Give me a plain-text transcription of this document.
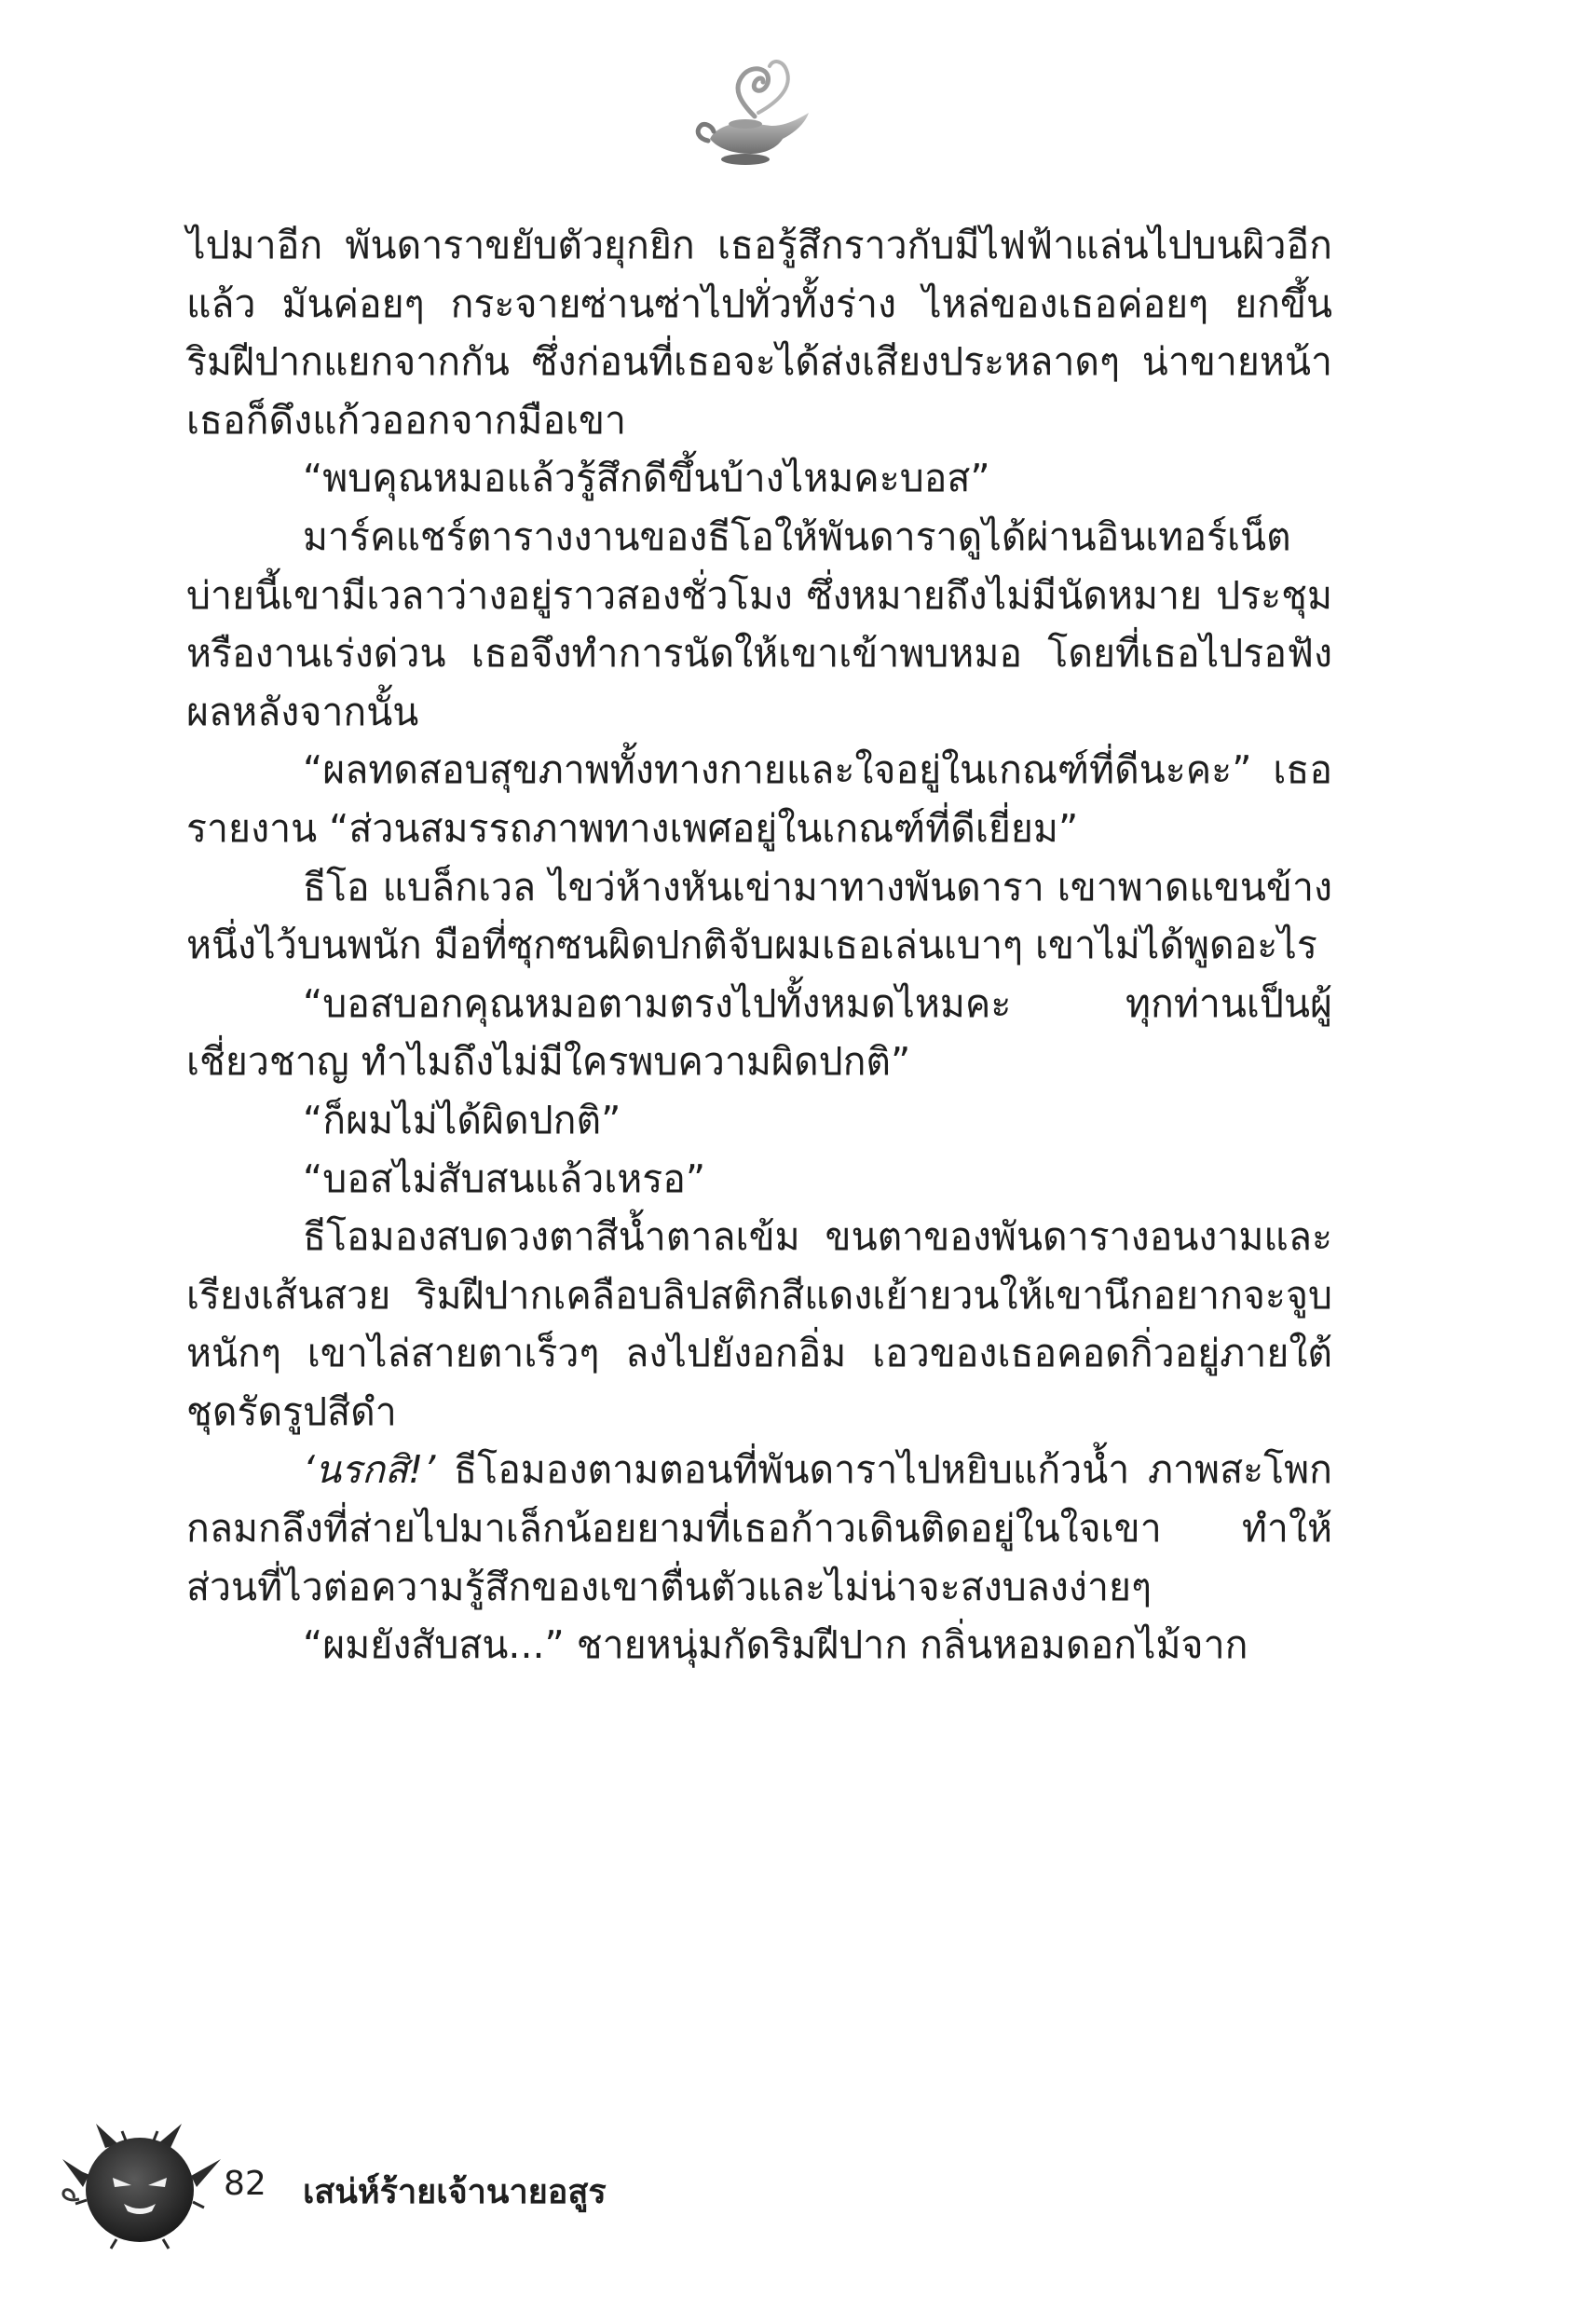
ไปมาอีก พันดาราขยับตัวยุกยิก เธอรู้สึกราวกับมีไฟฟ้าแล่นไปบนผิวอีกแล้ว มันค่อยๆ กระจายซ่านซ่าไปทั่วทั้งร่าง ไหล่ของเธอค่อยๆ ยกขึ้น ริมฝีปากแยกจากกัน ซึ่งก่อนที่เธอจะได้ส่งเสียงประหลาดๆ น่าขายหน้า เธอก็ดึงแก้วออกจากมือเขา

“พบคุณหมอแล้วรู้สึกดีขึ้นบ้างไหมคะบอส”

มาร์คแชร์ตารางงานของธีโอให้พันดาราดูได้ผ่านอินเทอร์เน็ต บ่ายนี้เขามีเวลาว่างอยู่ราวสองชั่วโมง ซึ่งหมายถึงไม่มีนัดหมาย ประชุม หรืองานเร่งด่วน เธอจึงทำการนัดให้เขาเข้าพบหมอ โดยที่เธอไปรอฟังผลหลังจากนั้น

“ผลทดสอบสุขภาพทั้งทางกายและใจอยู่ในเกณฑ์ที่ดีนะคะ” เธอรายงาน “ส่วนสมรรถภาพทางเพศอยู่ในเกณฑ์ที่ดีเยี่ยม”

ธีโอ แบล็กเวล ไขว่ห้างหันเข่ามาทางพันดารา เขาพาดแขนข้างหนึ่งไว้บนพนัก มือที่ซุกซนผิดปกติจับผมเธอเล่นเบาๆ เขาไม่ได้พูดอะไร

“บอสบอกคุณหมอตามตรงไปทั้งหมดไหมคะ ทุกท่านเป็นผู้เชี่ยวชาญ ทำไมถึงไม่มีใครพบความผิดปกติ”

“ก็ผมไม่ได้ผิดปกติ”

“บอสไม่สับสนแล้วเหรอ”

ธีโอมองสบดวงตาสีน้ำตาลเข้ม ขนตาของพันดารางอนงามและเรียงเส้นสวย ริมฝีปากเคลือบลิปสติกสีแดงเย้ายวนให้เขานึกอยากจะจูบหนักๆ เขาไล่สายตาเร็วๆ ลงไปยังอกอิ่ม เอวของเธอคอดกิ่วอยู่ภายใต้ชุดรัดรูปสีดำ

‘นรกสิ!’ ธีโอมองตามตอนที่พันดาราไปหยิบแก้วน้ำ ภาพสะโพกกลมกลึงที่ส่ายไปมาเล็กน้อยยามที่เธอก้าวเดินติดอยู่ในใจเขา ทำให้ส่วนที่ไวต่อความรู้สึกของเขาตื่นตัวและไม่น่าจะสงบลงง่ายๆ

“ผมยังสับสน...” ชายหนุ่มกัดริมฝีปาก กลิ่นหอมดอกไม้จาก

82 เสน่ห์ร้ายเจ้านายอสูร
